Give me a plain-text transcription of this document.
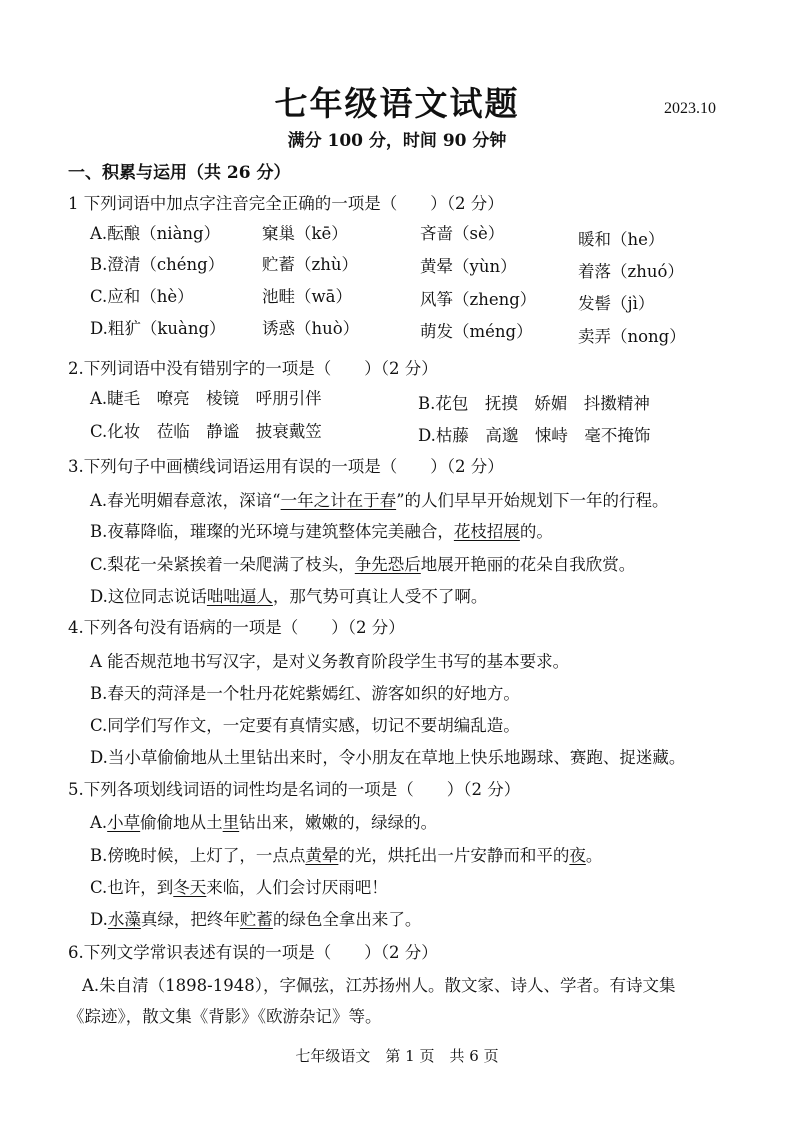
七年级语文试题	2023.10
满分 100 分，时间 90 分钟
一、积累与运用（共 26 分）
1 下列词语中加点字注音完全正确的一项是（　　）（2 分）
A.酝酿（niàng）	窠巢（kē）	吝啬（sè）	暖和（he）
B.澄清（chéng） 贮蓄（zhù）	黄晕（yùn）	着落（zhuó）
C.应和（hè）	池畦（wā）	风筝（zheng）	发髻（jì）
D.粗犷（kuàng） 诱惑（huò）	萌发（méng）	卖弄（nong）
2.下列词语中没有错别字的一项是（　　）（2 分）
A.睫毛　嘹亮　棱镜　呼朋引伴	B.花包　抚摸　娇媚　抖擞精神
C.化妆　莅临　静谧　披衰戴笠	D.枯藤　高邈　悚峙　毫不掩饰
3.下列句子中画横线词语运用有误的一项是（　　）（2 分）
A.春光明媚春意浓，深谙“一年之计在于春”的人们早早开始规划下一年的行程。
B.夜幕降临，璀璨的光环境与建筑整体完美融合，花枝招展的。
C.梨花一朵紧挨着一朵爬满了枝头，争先恐后地展开艳丽的花朵自我欣赏。
D.这位同志说话咄咄逼人，那气势可真让人受不了啊。
4.下列各句没有语病的一项是（　　）（2 分）
A 能否规范地书写汉字，是对义务教育阶段学生书写的基本要求。
B.春天的菏泽是一个牡丹花姹紫嫣红、游客如织的好地方。
C.同学们写作文，一定要有真情实感，切记不要胡编乱造。
D.当小草偷偷地从土里钻出来时，令小朋友在草地上快乐地踢球、赛跑、捉迷藏。
5.下列各项划线词语的词性均是名词的一项是（　　）（2 分）
A.小草偷偷地从土里钻出来，嫩嫩的，绿绿的。
B.傍晚时候，上灯了，一点点黄晕的光，烘托出一片安静而和平的夜。
C.也许，到冬天来临，人们会讨厌雨吧！
D.水藻真绿，把终年贮蓄的绿色全拿出来了。
6.下列文学常识表述有误的一项是（　　）（2 分）
A.朱自清（1898-1948），字佩弦，江苏扬州人。散文家、诗人、学者。有诗文集
《踪迹》，散文集《背影》《欧游杂记》等。
七年级语文　第 1 页　共 6 页
